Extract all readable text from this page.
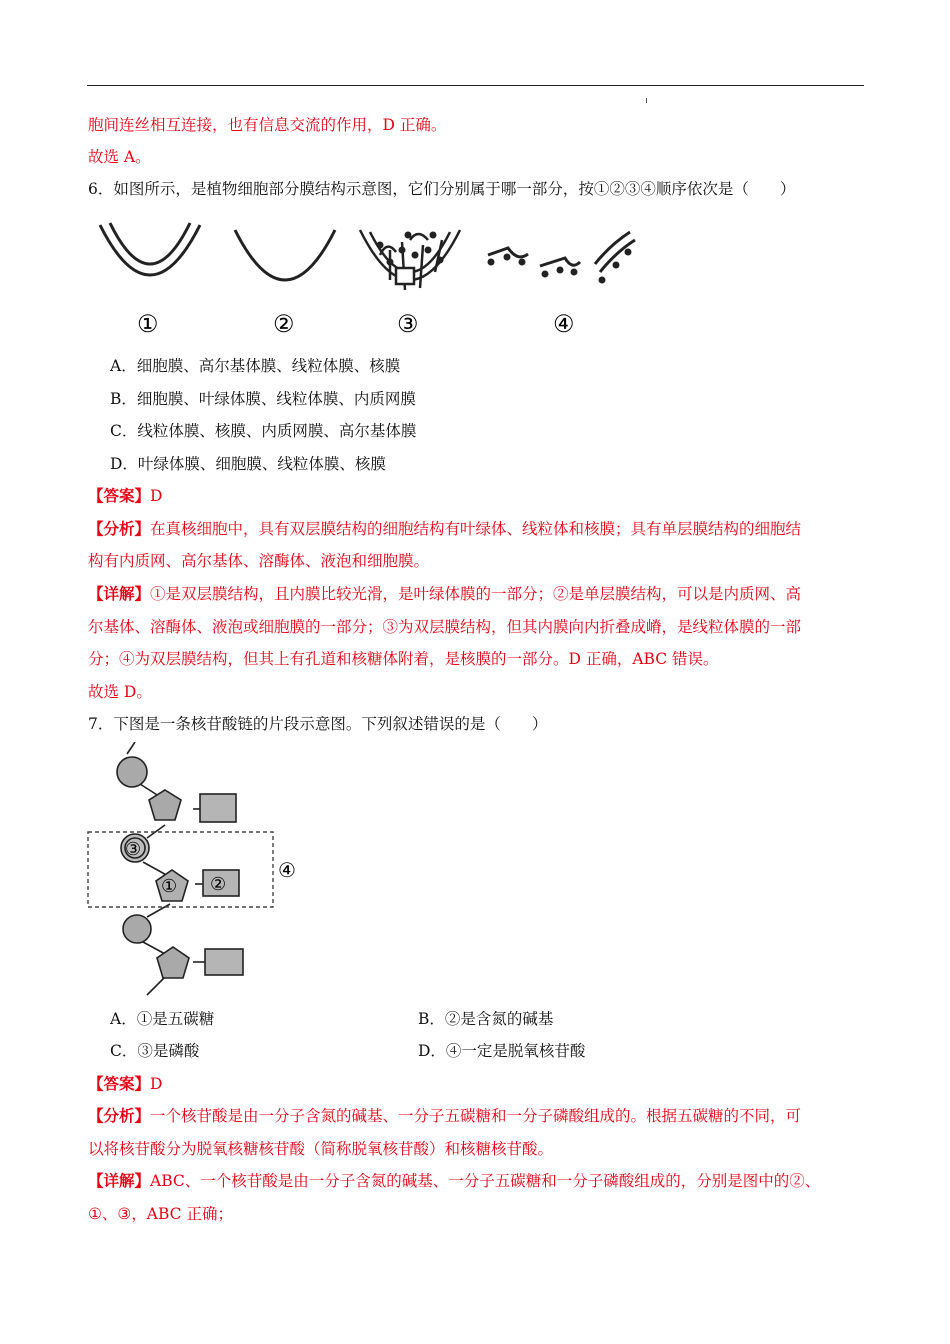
胞间连丝相互连接，也有信息交流的作用，D 正确。
故选 A。
6．如图所示，是植物细胞部分膜结构示意图，它们分别属于哪一部分，按①②③④顺序依次是（　　）
①	②	③	④
A．细胞膜、高尔基体膜、线粒体膜、核膜
B．细胞膜、叶绿体膜、线粒体膜、内质网膜
C．线粒体膜、核膜、内质网膜、高尔基体膜
D．叶绿体膜、细胞膜、线粒体膜、核膜
【答案】D
【分析】在真核细胞中，具有双层膜结构的细胞结构有叶绿体、线粒体和核膜；具有单层膜结构的细胞结
构有内质网、高尔基体、溶酶体、液泡和细胞膜。
【详解】①是双层膜结构，且内膜比较光滑，是叶绿体膜的一部分；②是单层膜结构，可以是内质网、高
尔基体、溶酶体、液泡或细胞膜的一部分；③为双层膜结构，但其内膜向内折叠成嵴，是线粒体膜的一部
分；④为双层膜结构，但其上有孔道和核糖体附着，是核膜的一部分。D 正确，ABC 错误。
故选 D。
7．下图是一条核苷酸链的片段示意图。下列叙述错误的是（　　）
③
① ②
④
A．①是五碳糖	B．②是含氮的碱基
C．③是磷酸	D．④一定是脱氧核苷酸
【答案】D
【分析】一个核苷酸是由一分子含氮的碱基、一分子五碳糖和一分子磷酸组成的。根据五碳糖的不同，可
以将核苷酸分为脱氧核糖核苷酸（简称脱氧核苷酸）和核糖核苷酸。
【详解】ABC、一个核苷酸是由一分子含氮的碱基、一分子五碳糖和一分子磷酸组成的，分别是图中的②、
①、③，ABC 正确；
